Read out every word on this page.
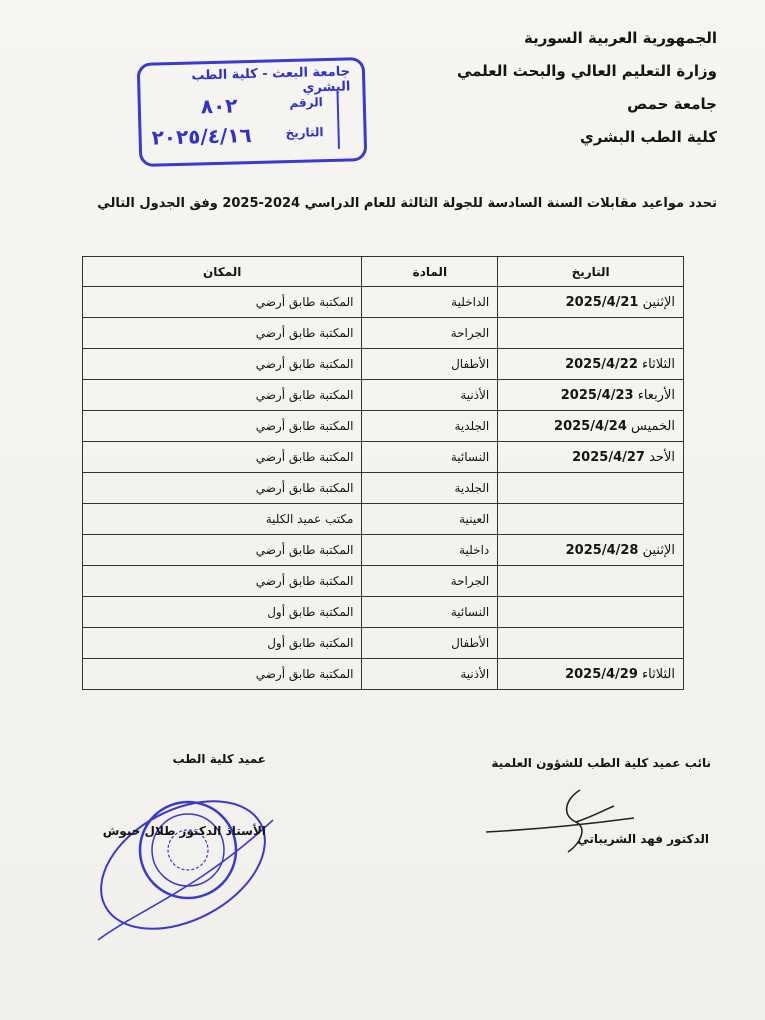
الجمهورية العربية السورية
وزارة التعليم العالي والبحث العلمي
جامعة حمص
كلية الطب البشري
جامعة البعث - كلية الطب البشري
الرقم
٨٠٢
التاريخ
٢٠٢٥/٤/١٦
تحدد مواعيد مقابلات السنة السادسة للجولة الثالثة للعام الدراسي 2024-2025 وفق الجدول التالي
التاريخ	المادة	المكان
الإثنين 2025/4/21	الداخلية	المكتبة طابق أرضي
	الجراحة	المكتبة طابق أرضي
الثلاثاء 2025/4/22	الأطفال	المكتبة طابق أرضي
الأربعاء 2025/4/23	الأذنية	المكتبة طابق أرضي
الخميس 2025/4/24	الجلدية	المكتبة طابق أرضي
الأحد 2025/4/27	النسائية	المكتبة طابق أرضي
	الجلدية	المكتبة طابق أرضي
	العينية	مكتب عميد الكلية
الإثنين 2025/4/28	داخلية	المكتبة طابق أرضي
	الجراحة	المكتبة طابق أرضي
	النسائية	المكتبة طابق أول
	الأطفال	المكتبة طابق أول
الثلاثاء 2025/4/29	الأذنية	المكتبة طابق أرضي
نائب عميد كلية الطب للشؤون العلمية
الدكتور فهد الشريباتي
عميد كلية الطب
الأستاذ الدكتور طلال حبوش
